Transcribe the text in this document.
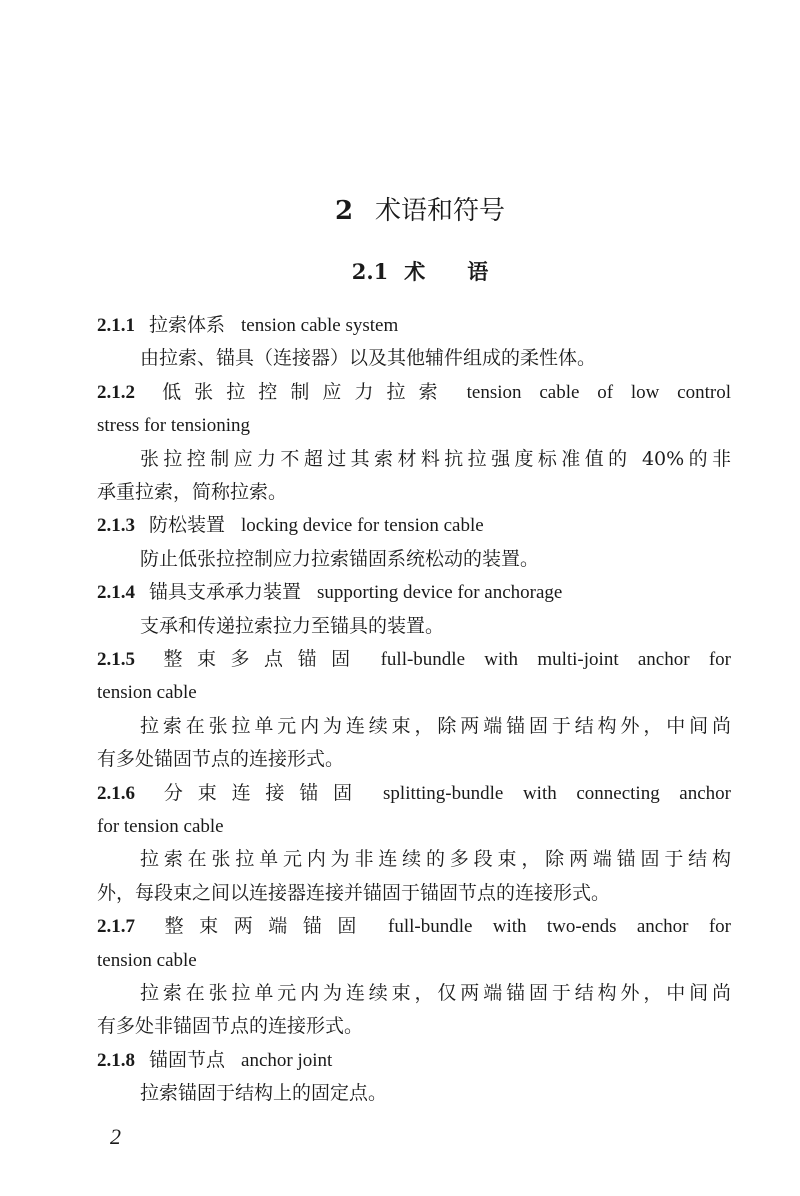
2 术语和符号
2.1 术　　语
2.1.1 拉索体系 tension cable system
由拉索、锚具（连接器）以及其他辅件组成的柔性体。
2.1.2 低张拉控制应力拉索 tension cable of low control
stress for tensioning
张拉控制应力不超过其索材料抗拉强度标准值的 40%的非
承重拉索，简称拉索。
2.1.3 防松装置 locking device for tension cable
防止低张拉控制应力拉索锚固系统松动的装置。
2.1.4 锚具支承承力装置 supporting device for anchorage
支承和传递拉索拉力至锚具的装置。
2.1.5 整束多点锚固 full-bundle with multi-joint anchor for
tension cable
拉索在张拉单元内为连续束，除两端锚固于结构外，中间尚
有多处锚固节点的连接形式。
2.1.6 分束连接锚固 splitting-bundle with connecting anchor
for tension cable
拉索在张拉单元内为非连续的多段束，除两端锚固于结构
外，每段束之间以连接器连接并锚固于锚固节点的连接形式。
2.1.7 整束两端锚固 full-bundle with two-ends anchor for
tension cable
拉索在张拉单元内为连续束，仅两端锚固于结构外，中间尚
有多处非锚固节点的连接形式。
2.1.8 锚固节点 anchor joint
拉索锚固于结构上的固定点。
2
